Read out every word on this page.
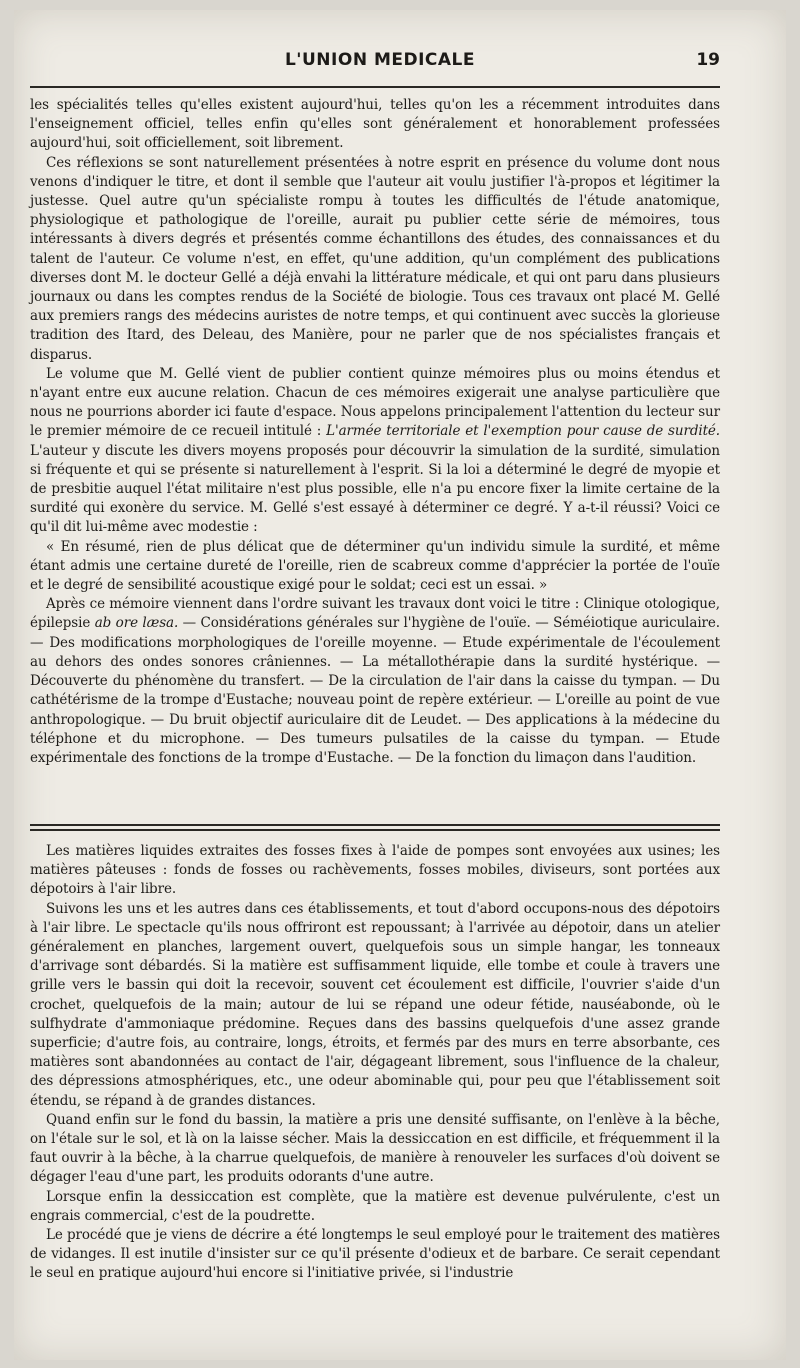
L'UNION MEDICALE	19

les spécialités telles qu'elles existent aujourd'hui, telles qu'on les a récemment introduites dans l'enseignement officiel, telles enfin qu'elles sont généralement et honorablement professées aujourd'hui, soit officiellement, soit librement.

Ces réflexions se sont naturellement présentées à notre esprit en présence du volume dont nous venons d'indiquer le titre, et dont il semble que l'auteur ait voulu justifier l'à-propos et légitimer la justesse. Quel autre qu'un spécialiste rompu à toutes les difficultés de l'étude anatomique, physiologique et pathologique de l'oreille, aurait pu publier cette série de mémoires, tous intéressants à divers degrés et présentés comme échantillons des études, des connaissances et du talent de l'auteur. Ce volume n'est, en effet, qu'une addition, qu'un complément des publications diverses dont M. le docteur Gellé a déjà envahi la littérature médicale, et qui ont paru dans plusieurs journaux ou dans les comptes rendus de la Société de biologie. Tous ces travaux ont placé M. Gellé aux premiers rangs des médecins auristes de notre temps, et qui continuent avec succès la glorieuse tradition des Itard, des Deleau, des Manière, pour ne parler que de nos spécialistes français et disparus.

Le volume que M. Gellé vient de publier contient quinze mémoires plus ou moins étendus et n'ayant entre eux aucune relation. Chacun de ces mémoires exigerait une analyse particulière que nous ne pourrions aborder ici faute d'espace. Nous appelons principalement l'attention du lecteur sur le premier mémoire de ce recueil intitulé : L'armée territoriale et l'exemption pour cause de surdité. L'auteur y discute les divers moyens proposés pour découvrir la simulation de la surdité, simulation si fréquente et qui se présente si naturellement à l'esprit. Si la loi a déterminé le degré de myopie et de presbitie auquel l'état militaire n'est plus possible, elle n'a pu encore fixer la limite certaine de la surdité qui exonère du service. M. Gellé s'est essayé à déterminer ce degré. Y a-t-il réussi? Voici ce qu'il dit lui-même avec modestie :

« En résumé, rien de plus délicat que de déterminer qu'un individu simule la surdité, et même étant admis une certaine dureté de l'oreille, rien de scabreux comme d'apprécier la portée de l'ouïe et le degré de sensibilité acoustique exigé pour le soldat; ceci est un essai. »

Après ce mémoire viennent dans l'ordre suivant les travaux dont voici le titre : Clinique otologique, épilepsie ab ore læsa. — Considérations générales sur l'hygiène de l'ouïe. — Séméiotique auriculaire. — Des modifications morphologiques de l'oreille moyenne. — Etude expérimentale de l'écoulement au dehors des ondes sonores crâniennes. — La métallothérapie dans la surdité hystérique. — Découverte du phénomène du transfert. — De la circulation de l'air dans la caisse du tympan. — Du cathétérisme de la trompe d'Eustache; nouveau point de repère extérieur. — L'oreille au point de vue anthropologique. — Du bruit objectif auriculaire dit de Leudet. — Des applications à la médecine du téléphone et du microphone. — Des tumeurs pulsatiles de la caisse du tympan. — Etude expérimentale des fonctions de la trompe d'Eustache. — De la fonction du limaçon dans l'audition.

Les matières liquides extraites des fosses fixes à l'aide de pompes sont envoyées aux usines; les matières pâteuses : fonds de fosses ou rachèvements, fosses mobiles, diviseurs, sont portées aux dépotoirs à l'air libre.

Suivons les uns et les autres dans ces établissements, et tout d'abord occupons-nous des dépotoirs à l'air libre. Le spectacle qu'ils nous offriront est repoussant; à l'arrivée au dépotoir, dans un atelier généralement en planches, largement ouvert, quelquefois sous un simple hangar, les tonneaux d'arrivage sont débardés. Si la matière est suffisamment liquide, elle tombe et coule à travers une grille vers le bassin qui doit la recevoir, souvent cet écoulement est difficile, l'ouvrier s'aide d'un crochet, quelquefois de la main; autour de lui se répand une odeur fétide, nauséabonde, où le sulfhydrate d'ammoniaque prédomine. Reçues dans des bassins quelquefois d'une assez grande superficie; d'autre fois, au contraire, longs, étroits, et fermés par des murs en terre absorbante, ces matières sont abandonnées au contact de l'air, dégageant librement, sous l'influence de la chaleur, des dépressions atmosphériques, etc., une odeur abominable qui, pour peu que l'établissement soit étendu, se répand à de grandes distances.

Quand enfin sur le fond du bassin, la matière a pris une densité suffisante, on l'enlève à la bêche, on l'étale sur le sol, et là on la laisse sécher. Mais la dessiccation en est difficile, et fréquemment il la faut ouvrir à la bêche, à la charrue quelquefois, de manière à renouveler les surfaces d'où doivent se dégager l'eau d'une part, les produits odorants d'une autre.

Lorsque enfin la dessiccation est complète, que la matière est devenue pulvérulente, c'est un engrais commercial, c'est de la poudrette.

Le procédé que je viens de décrire a été longtemps le seul employé pour le traitement des matières de vidanges. Il est inutile d'insister sur ce qu'il présente d'odieux et de barbare. Ce serait cependant le seul en pratique aujourd'hui encore si l'initiative privée, si l'industrie
